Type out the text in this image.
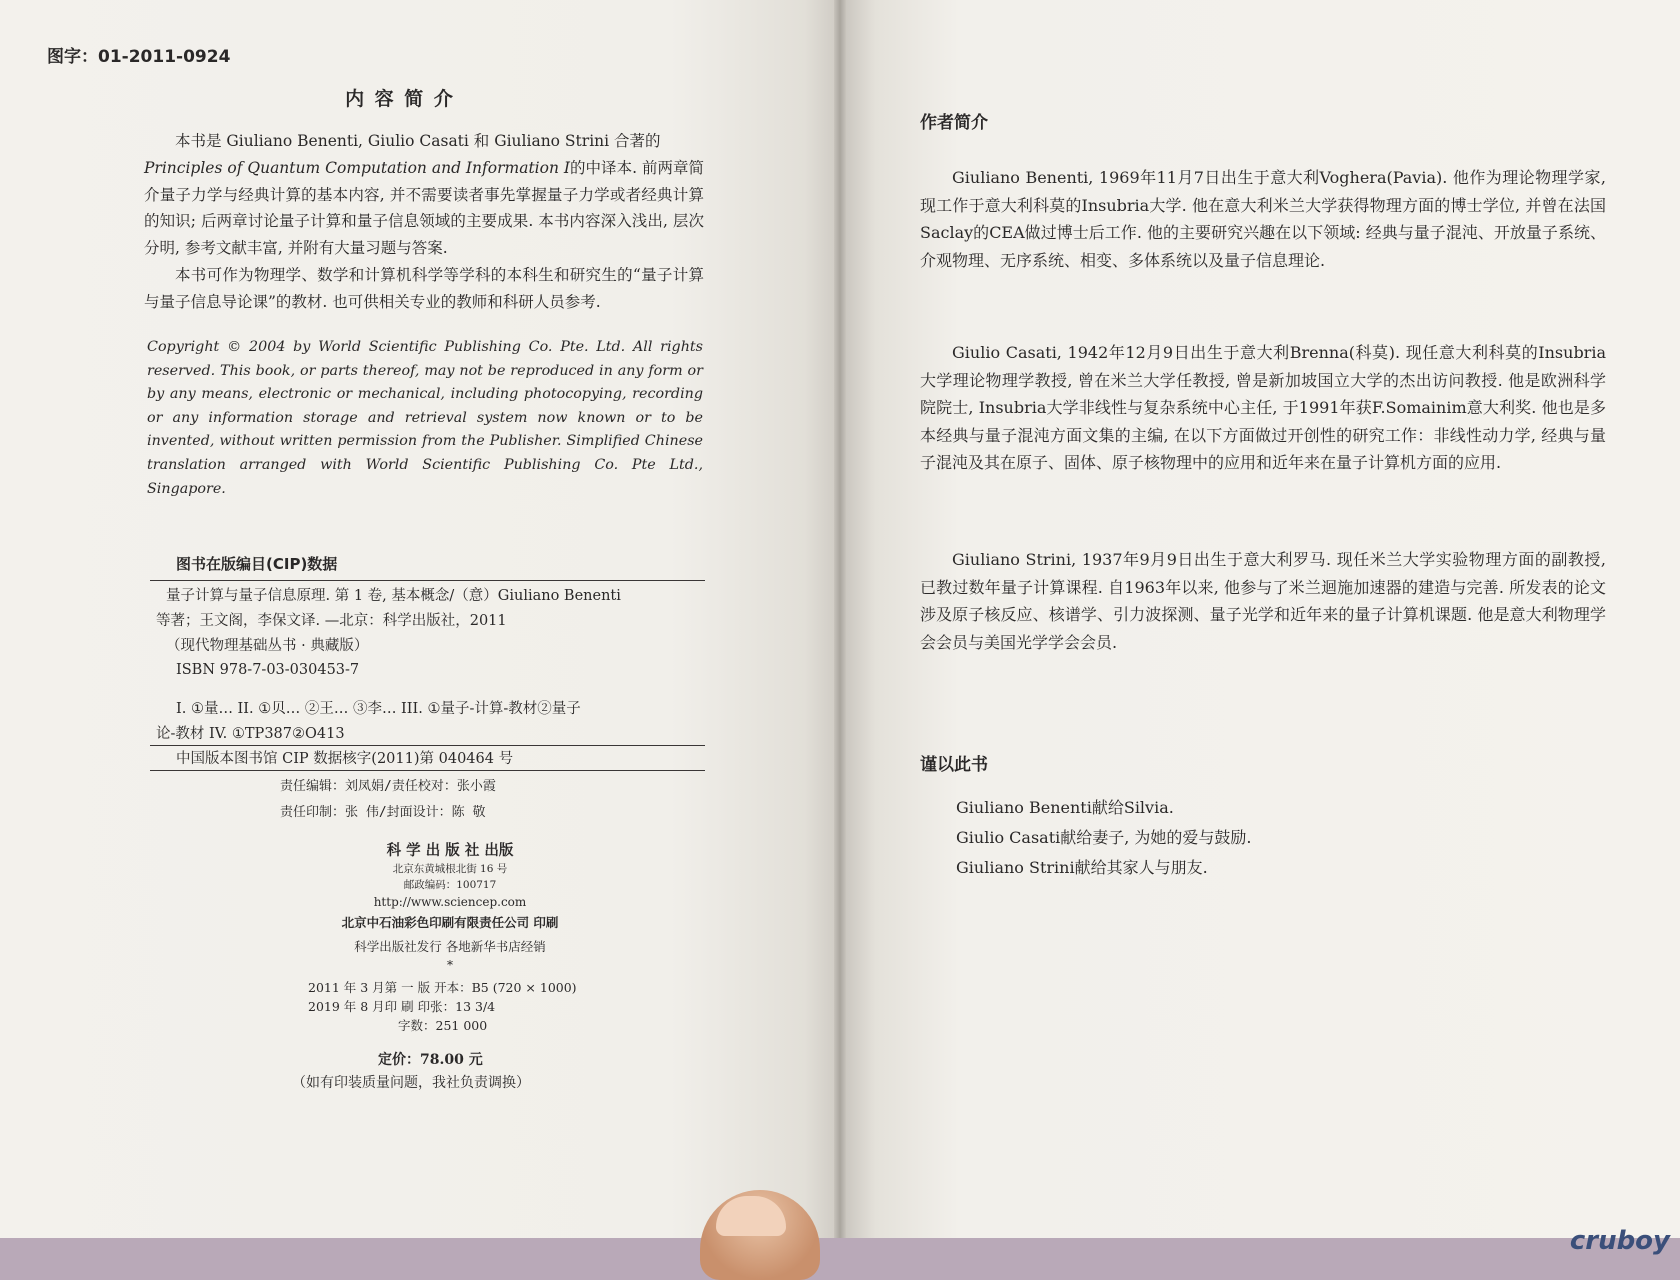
图字：01-2011-0924

内 容 简 介

本书是 Giuliano Benenti, Giulio Casati 和 Giuliano Strini 合著的
Principles of Quantum Computation and Information I的中译本. 前两章简介量子力学与经典计算的基本内容, 并不需要读者事先掌握量子力学或者经典计算的知识; 后两章讨论量子计算和量子信息领域的主要成果. 本书内容深入浅出, 层次分明, 参考文献丰富, 并附有大量习题与答案.
本书可作为物理学、数学和计算机科学等学科的本科生和研究生的“量子计算与量子信息导论课”的教材. 也可供相关专业的教师和科研人员参考.
Copyright © 2004 by World Scientific Publishing Co. Pte. Ltd. All rights reserved. This book, or parts thereof, may not be reproduced in any form or by any means, electronic or mechanical, including photocopying, recording or any information storage and retrieval system now known or to be invented, without written permission from the Publisher. Simplified Chinese translation arranged with World Scientific Publishing Co. Pte Ltd., Singapore.

图书在版编目(CIP)数据

量子计算与量子信息原理. 第 1 卷, 基本概念/（意）Giuliano Benenti
等著；王文阁，李保文译. —北京：科学出版社，2011
（现代物理基础丛书 · 典藏版）
ISBN 978-7-03-030453-7
I. ①量… II. ①贝… ②王… ③李… III. ①量子-计算-教材②量子
论-教材 IV. ①TP387②O413

中国版本图书馆 CIP 数据核字(2011)第 040464 号

责任编辑：刘凤娟/责任校对：张小霞
责任印制：张 伟/封面设计：陈 敬
科 学 出 版 社 出版
北京东黄城根北街 16 号
邮政编码：100717
http://www.sciencep.com
北京中石油彩色印刷有限责任公司 印刷
科学出版社发行 各地新华书店经销
*
2011 年 3 月第 一 版 开本：B5 (720 × 1000)
2019 年 8 月印 刷 印张：13 3/4
字数：251 000

定价：78.00 元

（如有印装质量问题，我社负责调换）

作者简介

Giuliano Benenti, 1969年11月7日出生于意大利Voghera(Pavia). 他作为理论物理学家, 现工作于意大利科莫的Insubria大学. 他在意大利米兰大学获得物理方面的博士学位, 并曾在法国Saclay的CEA做过博士后工作. 他的主要研究兴趣在以下领域: 经典与量子混沌、开放量子系统、介观物理、无序系统、相变、多体系统以及量子信息理论.

Giulio Casati, 1942年12月9日出生于意大利Brenna(科莫). 现任意大利科莫的Insubria大学理论物理学教授, 曾在米兰大学任教授, 曾是新加坡国立大学的杰出访问教授. 他是欧洲科学院院士, Insubria大学非线性与复杂系统中心主任, 于1991年获F.Somainim意大利奖. 他也是多本经典与量子混沌方面文集的主编, 在以下方面做过开创性的研究工作：非线性动力学, 经典与量子混沌及其在原子、固体、原子核物理中的应用和近年来在量子计算机方面的应用.

Giuliano Strini, 1937年9月9日出生于意大利罗马. 现任米兰大学实验物理方面的副教授, 已教过数年量子计算课程. 自1963年以来, 他参与了米兰迴施加速器的建造与完善. 所发表的论文涉及原子核反应、核谱学、引力波探测、量子光学和近年来的量子计算机课题. 他是意大利物理学会会员与美国光学学会会员.

谨以此书

Giuliano Benenti献给Silvia.
Giulio Casati献给妻子, 为她的爱与鼓励.
Giuliano Strini献给其家人与朋友.
cruboy
